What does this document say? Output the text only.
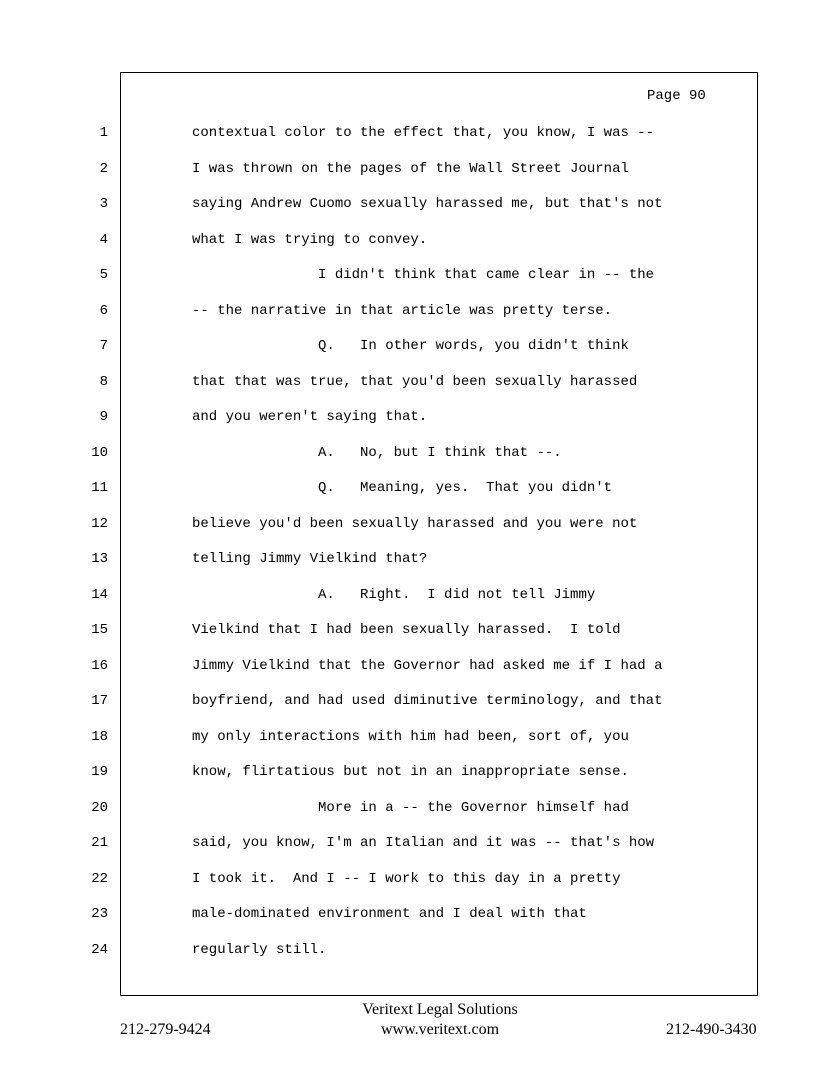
Page 90

1	contextual color to the effect that, you know, I was --
2	I was thrown on the pages of the Wall Street Journal
3	saying Andrew Cuomo sexually harassed me, but that's not
4	what I was trying to convey.
5	I didn't think that came clear in -- the
6	-- the narrative in that article was pretty terse.
7	Q.   In other words, you didn't think
8	that that was true, that you'd been sexually harassed
9	and you weren't saying that.
10	A.   No, but I think that --.
11	Q.   Meaning, yes.  That you didn't
12	believe you'd been sexually harassed and you were not
13	telling Jimmy Vielkind that?
14	A.   Right.  I did not tell Jimmy
15	Vielkind that I had been sexually harassed.  I told
16	Jimmy Vielkind that the Governor had asked me if I had a
17	boyfriend, and had used diminutive terminology, and that
18	my only interactions with him had been, sort of, you
19	know, flirtatious but not in an inappropriate sense.
20	More in a -- the Governor himself had
21	said, you know, I'm an Italian and it was -- that's how
22	I took it.  And I -- I work to this day in a pretty
23	male-dominated environment and I deal with that
24	regularly still.
Veritext Legal Solutions
212-279-9424	www.veritext.com	212-490-3430
